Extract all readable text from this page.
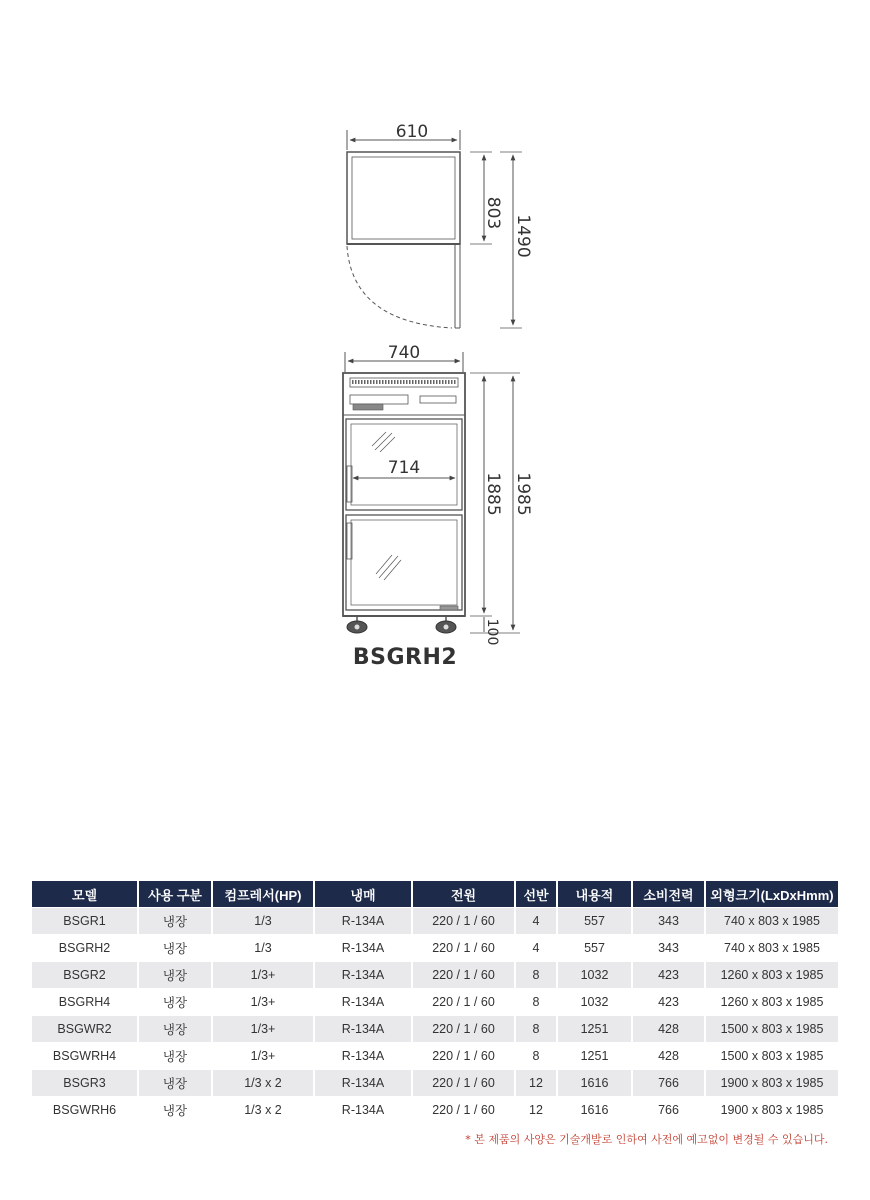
610
803
1490
740
714
1885 1985
100
BSGRH2
모델	사용 구분	컴프레서(HP)	냉매	전원	선반	내용적	소비전력	외형크기(LxDxHmm)
BSGR1	냉장	1/3	R-134A	220 / 1 / 60	4	557	343	740 x 803 x 1985
BSGRH2	냉장	1/3	R-134A	220 / 1 / 60	4	557	343	740 x 803 x 1985
BSGR2	냉장	1/3+	R-134A	220 / 1 / 60	8	1032	423	1260 x 803 x 1985
BSGRH4	냉장	1/3+	R-134A	220 / 1 / 60	8	1032	423	1260 x 803 x 1985
BSGWR2	냉장	1/3+	R-134A	220 / 1 / 60	8	1251	428	1500 x 803 x 1985
BSGWRH4	냉장	1/3+	R-134A	220 / 1 / 60	8	1251	428	1500 x 803 x 1985
BSGR3	냉장	1/3 x 2	R-134A	220 / 1 / 60	12	1616	766	1900 x 803 x 1985
BSGWRH6	냉장	1/3 x 2	R-134A	220 / 1 / 60	12	1616	766	1900 x 803 x 1985
* 본 제품의 사양은 기술개발로 인하여 사전에 예고없이 변경될 수 있습니다.
